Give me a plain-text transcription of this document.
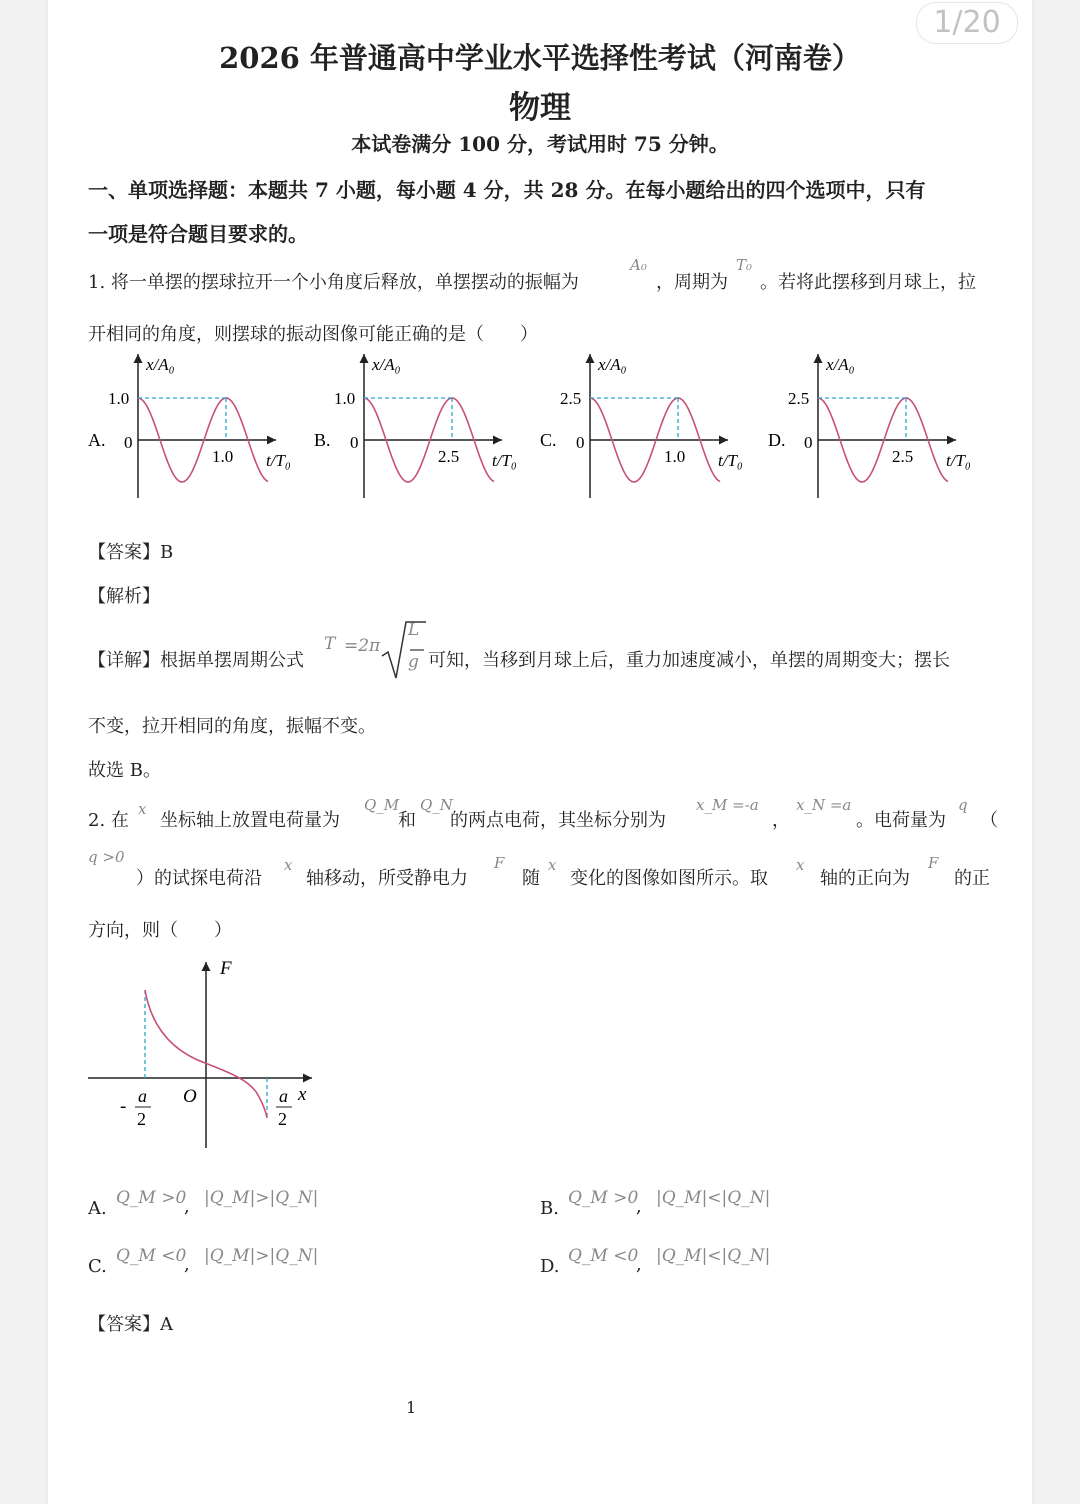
1/20
2026 年普通高中学业水平选择性考试（河南卷）
物理
本试卷满分 100 分，考试用时 75 分钟。
一、单项选择题：本题共 7 小题，每小题 4 分，共 28 分。在每小题给出的四个选项中，只有
一项是符合题目要求的。
1. 将一单摆的摆球拉开一个小角度后释放，单摆摆动的振幅为
A₀
，周期为
T₀
。若将此摆移到月球上，拉
开相同的角度，则摆球的振动图像可能正确的是（　　）
A. 0
1.0
1.0
x/A₀
t/T₀
B. 0
1.0
2.5
x/A₀
t/T₀
C. 0
2.5
1.0
x/A₀
t/T₀
D. 0
2.5
2.5
x/A₀
t/T₀
【答案】B
【解析】
【详解】根据单摆周期公式
T =2π
L
g 可知，当移到月球上后，重力加速度减小，单摆的周期变大；摆长
不变，拉开相同的角度，振幅不变。
故选 B。
2. 在
x
坐标轴上放置电荷量为
Q_M
和
Q_N
的两点电荷，其坐标分别为
x_M =-a
，
x_N =a
。电荷量为
q
（
q >0
）的试探电荷沿
x
轴移动，所受静电力
F
随
x
变化的图像如图所示。取
x
轴的正向为
F
的正
方向，则（　　）
F
x
O
- a
2
a
2
A. Q_M >0
, |Q_M|>|Q_N|	B. Q_M >0
, |Q_M|<|Q_N|
C. Q_M <0
, |Q_M|>|Q_N|	D. Q_M <0
, |Q_M|<|Q_N|
【答案】A
1
